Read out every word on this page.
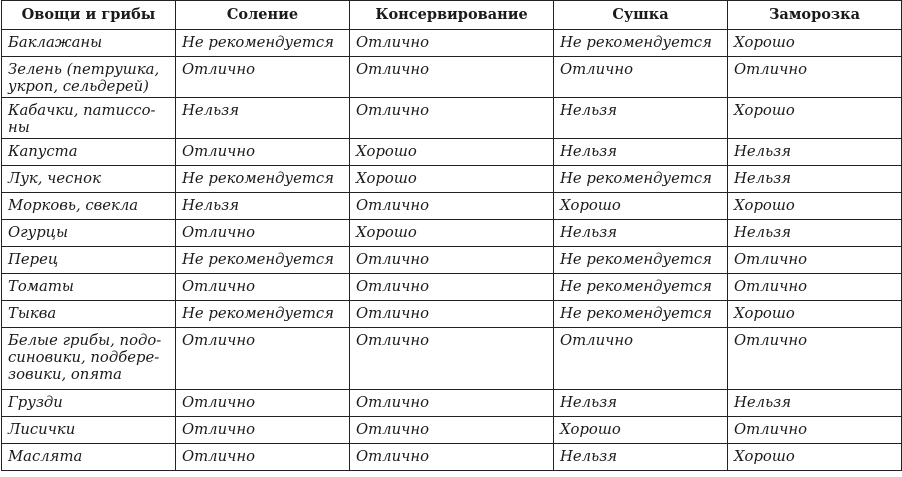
Овощи и грибы	Соление	Консервирование	Сушка	Заморозка

Баклажаны	Не рекомендуется	Отлично	Не рекомендуется	Хорошо

Зелень (петрушка,
укроп, сельдерей)	Отлично	Отлично	Отлично	Отлично

Кабачки, патиссо-
ны	Нельзя	Отлично	Нельзя	Хорошо

Капуста	Отлично	Хорошо	Нельзя	Нельзя

Лук, чеснок	Не рекомендуется	Хорошо	Не рекомендуется	Нельзя

Морковь, свекла	Нельзя	Отлично	Хорошо	Хорошо

Огурцы	Отлично	Хорошо	Нельзя	Нельзя

Перец	Не рекомендуется	Отлично	Не рекомендуется	Отлично

Томаты	Отлично	Отлично	Не рекомендуется	Отлично

Тыква	Не рекомендуется	Отлично	Не рекомендуется	Хорошо

Белые грибы, подо-
синовики, подбере-
зовики, опята	Отлично	Отлично	Отлично	Отлично

Грузди	Отлично	Отлично	Нельзя	Нельзя

Лисички	Отлично	Отлично	Хорошо	Отлично

Маслята	Отлично	Отлично	Нельзя	Хорошо
